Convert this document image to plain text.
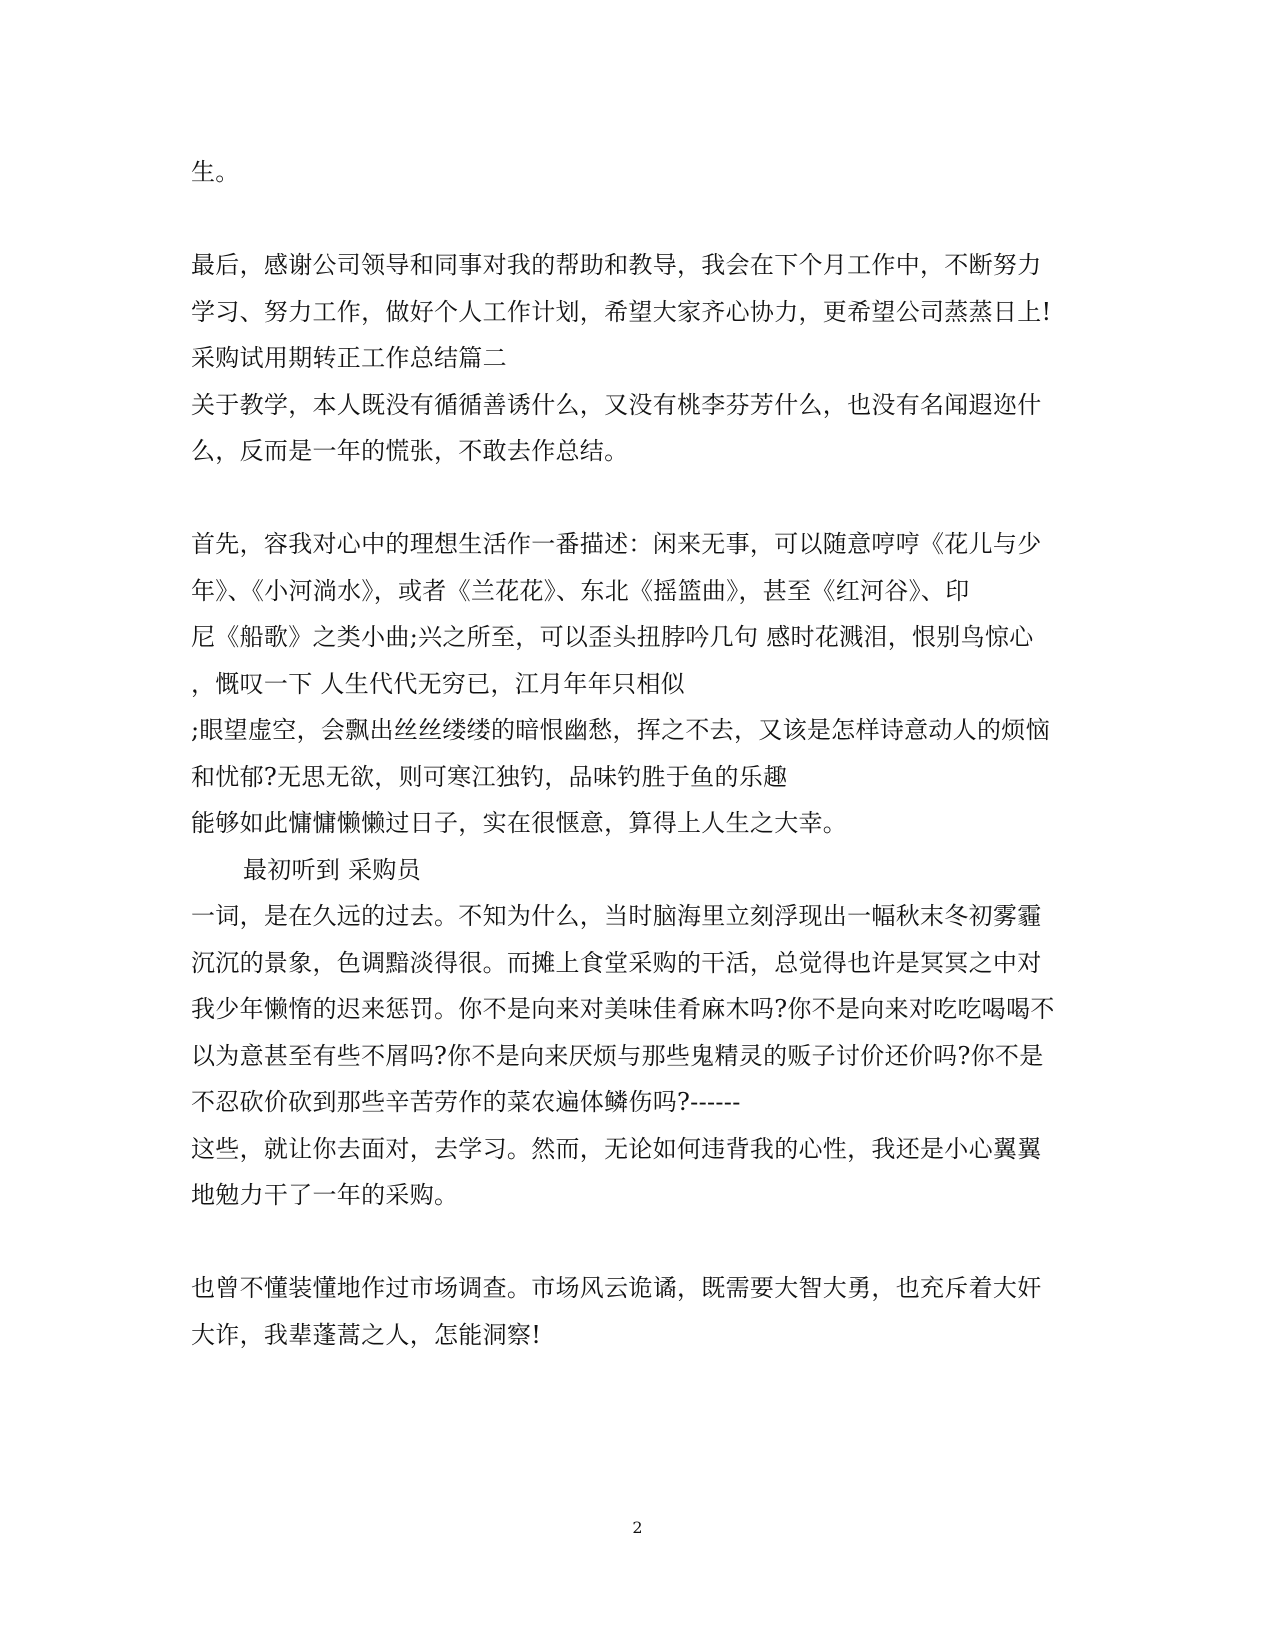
生。
最后，感谢公司领导和同事对我的帮助和教导，我会在下个月工作中，不断努力
学习、努力工作，做好个人工作计划，希望大家齐心协力，更希望公司蒸蒸日上!
采购试用期转正工作总结篇二
关于教学，本人既没有循循善诱什么，又没有桃李芬芳什么，也没有名闻遐迩什
么，反而是一年的慌张，不敢去作总结。
首先，容我对心中的理想生活作一番描述：闲来无事，可以随意哼哼《花儿与少
年》、《小河淌水》，或者《兰花花》、东北《摇篮曲》，甚至《红河谷》、印
尼《船歌》之类小曲;兴之所至，可以歪头扭脖吟几句 感时花溅泪，恨别鸟惊心
，慨叹一下 人生代代无穷已，江月年年只相似
;眼望虚空，会飘出丝丝缕缕的暗恨幽愁，挥之不去，又该是怎样诗意动人的烦恼
和忧郁?无思无欲，则可寒江独钓，品味钓胜于鱼的乐趣
能够如此慵慵懒懒过日子，实在很惬意，算得上人生之大幸。
最初听到 采购员
一词，是在久远的过去。不知为什么，当时脑海里立刻浮现出一幅秋末冬初雾霾
沉沉的景象，色调黯淡得很。而摊上食堂采购的干活，总觉得也许是冥冥之中对
我少年懒惰的迟来惩罚。你不是向来对美味佳肴麻木吗?你不是向来对吃吃喝喝不
以为意甚至有些不屑吗?你不是向来厌烦与那些鬼精灵的贩子讨价还价吗?你不是
不忍砍价砍到那些辛苦劳作的菜农遍体鳞伤吗?------
这些，就让你去面对，去学习。然而，无论如何违背我的心性，我还是小心翼翼
地勉力干了一年的采购。
也曾不懂装懂地作过市场调查。市场风云诡谲，既需要大智大勇，也充斥着大奸
大诈，我辈蓬蒿之人，怎能洞察!
2
